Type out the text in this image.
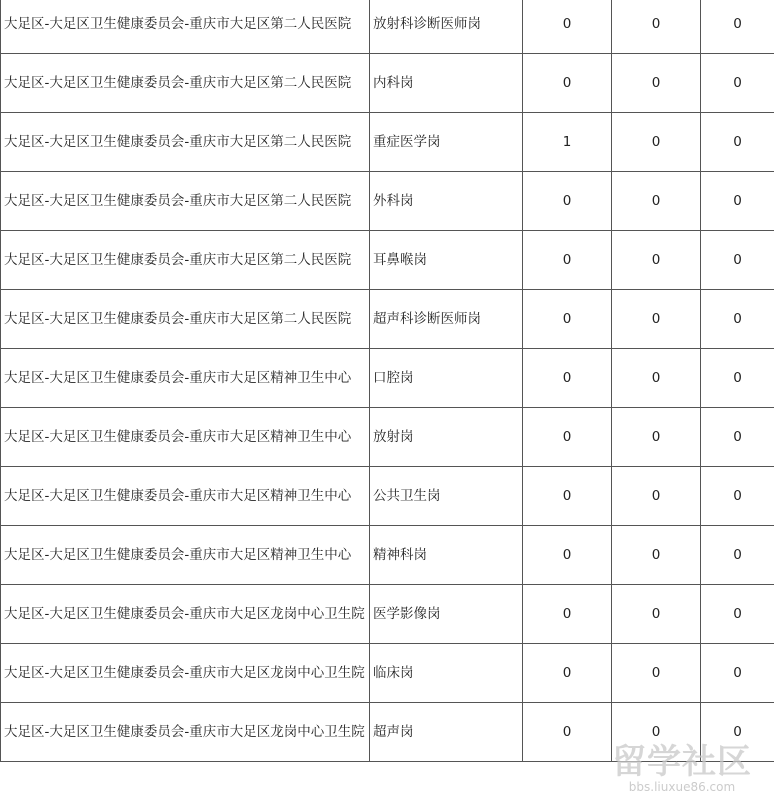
大足区-大足区卫生健康委员会-重庆市大足区第二人民医院	放射科诊断医师岗	0	0	0
大足区-大足区卫生健康委员会-重庆市大足区第二人民医院	内科岗	0	0	0
大足区-大足区卫生健康委员会-重庆市大足区第二人民医院	重症医学岗	1	0	0
大足区-大足区卫生健康委员会-重庆市大足区第二人民医院	外科岗	0	0	0
大足区-大足区卫生健康委员会-重庆市大足区第二人民医院	耳鼻喉岗	0	0	0
大足区-大足区卫生健康委员会-重庆市大足区第二人民医院	超声科诊断医师岗	0	0	0
大足区-大足区卫生健康委员会-重庆市大足区精神卫生中心	口腔岗	0	0	0
大足区-大足区卫生健康委员会-重庆市大足区精神卫生中心	放射岗	0	0	0
大足区-大足区卫生健康委员会-重庆市大足区精神卫生中心	公共卫生岗	0	0	0
大足区-大足区卫生健康委员会-重庆市大足区精神卫生中心	精神科岗	0	0	0
大足区-大足区卫生健康委员会-重庆市大足区龙岗中心卫生院	医学影像岗	0	0	0
大足区-大足区卫生健康委员会-重庆市大足区龙岗中心卫生院	临床岗	0	0	0
大足区-大足区卫生健康委员会-重庆市大足区龙岗中心卫生院	超声岗	0	0	0
留学社区
bbs.liuxue86.com
